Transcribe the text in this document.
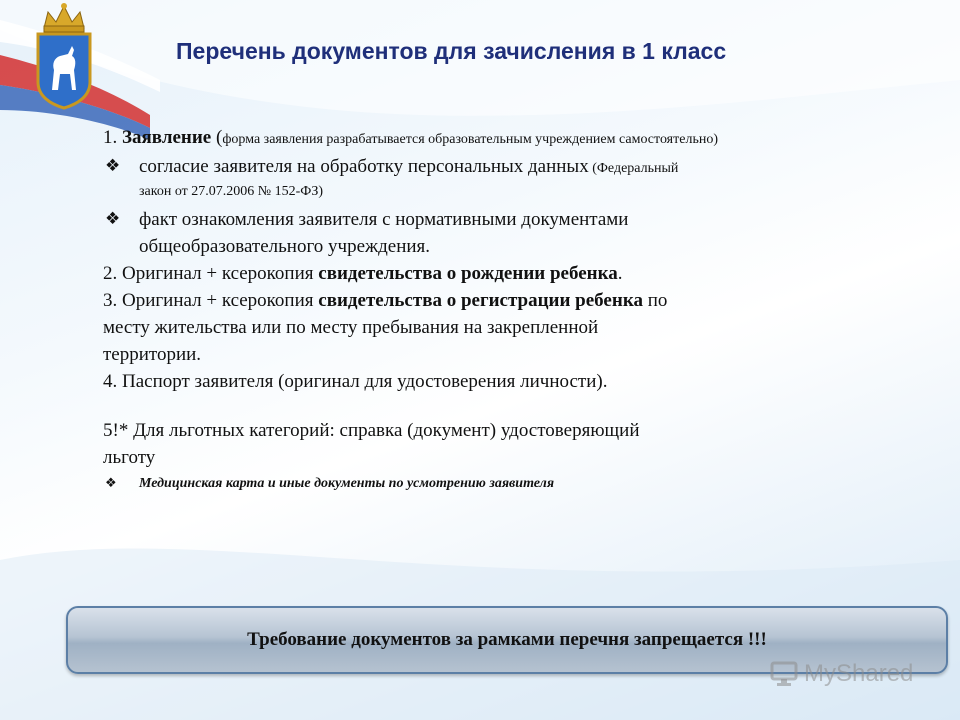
Перечень документов для зачисления в 1 класс
1. Заявление (форма заявления разрабатывается образовательным учреждением самостоятельно)
❖ согласие заявителя на обработку персональных данных (Федеральный
закон от 27.07.2006 № 152-ФЗ)
❖ факт ознакомления заявителя с нормативными документами
общеобразовательного учреждения.
2. Оригинал + ксерокопия свидетельства о рождении ребенка.
3. Оригинал + ксерокопия свидетельства о регистрации ребенка по
месту жительства или по месту пребывания на закрепленной
территории.
4. Паспорт заявителя (оригинал для удостоверения личности).
5!* Для льготных категорий: справка (документ) удостоверяющий
льготу
❖ Медицинская карта и иные документы по усмотрению заявителя
Требование документов за рамками перечня запрещается !!!
MyShared
